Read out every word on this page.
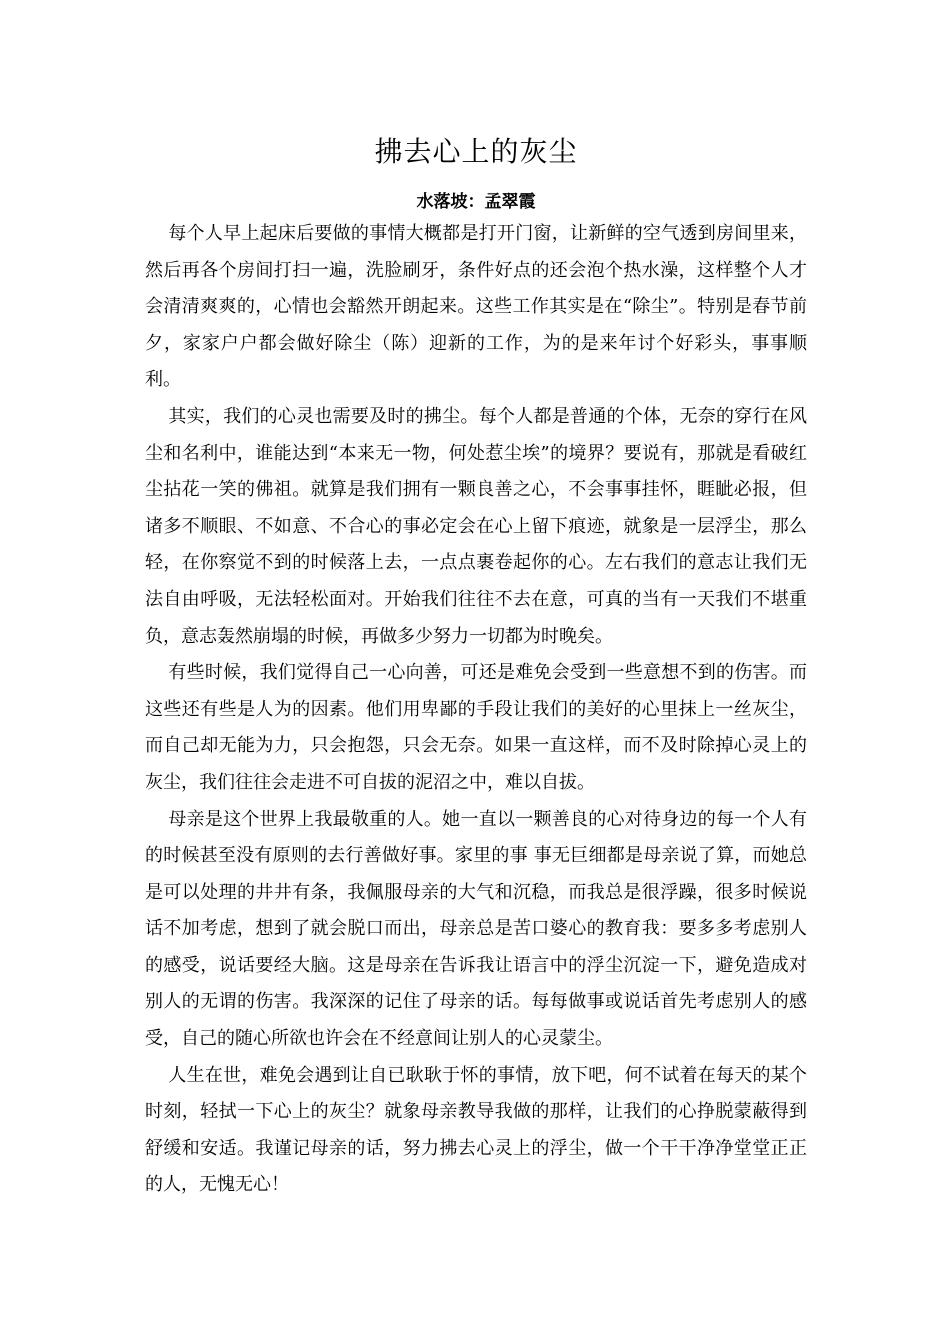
拂去心上的灰尘
水落坡：孟翠霞

每个人早上起床后要做的事情大概都是打开门窗，让新鲜的空气透到房间里来，然后再各个房间打扫一遍，洗脸刷牙，条件好点的还会泡个热水澡，这样整个人才会清清爽爽的，心情也会豁然开朗起来。这些工作其实是在“除尘”。特别是春节前夕，家家户户都会做好除尘（陈）迎新的工作，为的是来年讨个好彩头，事事顺利。

其实，我们的心灵也需要及时的拂尘。每个人都是普通的个体，无奈的穿行在风尘和名利中，谁能达到“本来无一物，何处惹尘埃”的境界？要说有，那就是看破红尘拈花一笑的佛祖。就算是我们拥有一颗良善之心，不会事事挂怀，睚眦必报，但诸多不顺眼、不如意、不合心的事必定会在心上留下痕迹，就象是一层浮尘，那么轻，在你察觉不到的时候落上去，一点点裹卷起你的心。左右我们的意志让我们无法自由呼吸，无法轻松面对。开始我们往往不去在意，可真的当有一天我们不堪重负，意志轰然崩塌的时候，再做多少努力一切都为时晚矣。

有些时候，我们觉得自己一心向善，可还是难免会受到一些意想不到的伤害。而这些还有些是人为的因素。他们用卑鄙的手段让我们的美好的心里抹上一丝灰尘，而自己却无能为力，只会抱怨，只会无奈。如果一直这样，而不及时除掉心灵上的灰尘，我们往往会走进不可自拔的泥沼之中，难以自拔。

母亲是这个世界上我最敬重的人。她一直以一颗善良的心对待身边的每一个人有的时候甚至没有原则的去行善做好事。家里的事 事无巨细都是母亲说了算，而她总是可以处理的井井有条，我佩服母亲的大气和沉稳，而我总是很浮躁，很多时候说话不加考虑，想到了就会脱口而出，母亲总是苦口婆心的教育我：要多多考虑别人的感受，说话要经大脑。这是母亲在告诉我让语言中的浮尘沉淀一下，避免造成对别人的无谓的伤害。我深深的记住了母亲的话。每每做事或说话首先考虑别人的感受，自己的随心所欲也许会在不经意间让别人的心灵蒙尘。

人生在世，难免会遇到让自已耿耿于怀的事情，放下吧，何不试着在每天的某个时刻，轻拭一下心上的灰尘？就象母亲教导我做的那样，让我们的心挣脱蒙蔽得到舒缓和安适。我谨记母亲的话，努力拂去心灵上的浮尘，做一个干干净净堂堂正正的人，无愧无心！
